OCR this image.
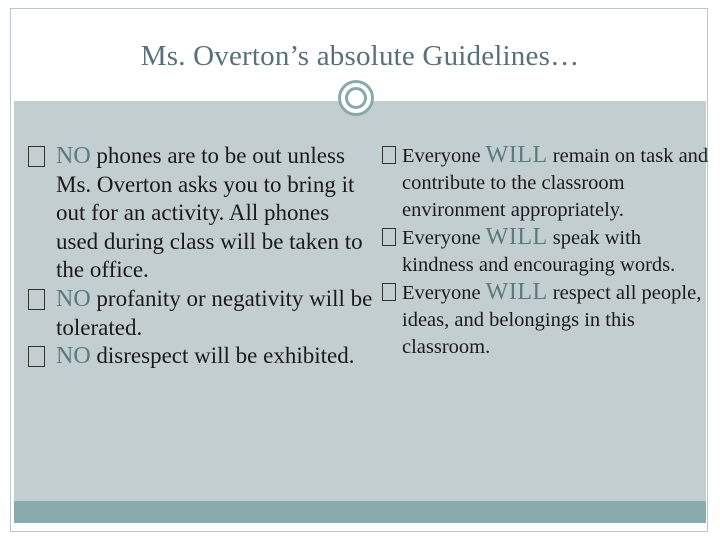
Ms. Overton’s absolute Guidelines…

NO phones are to be out unless Ms. Overton asks you to bring it out for an activity. All phones used during class will be taken to the office.

NO profanity or negativity will be tolerated.

NO disrespect will be exhibited.

Everyone WILL remain on task and contribute to the classroom environment appropriately.

Everyone WILL speak with kindness and encouraging words.

Everyone WILL respect all people, ideas, and belongings in this classroom.
